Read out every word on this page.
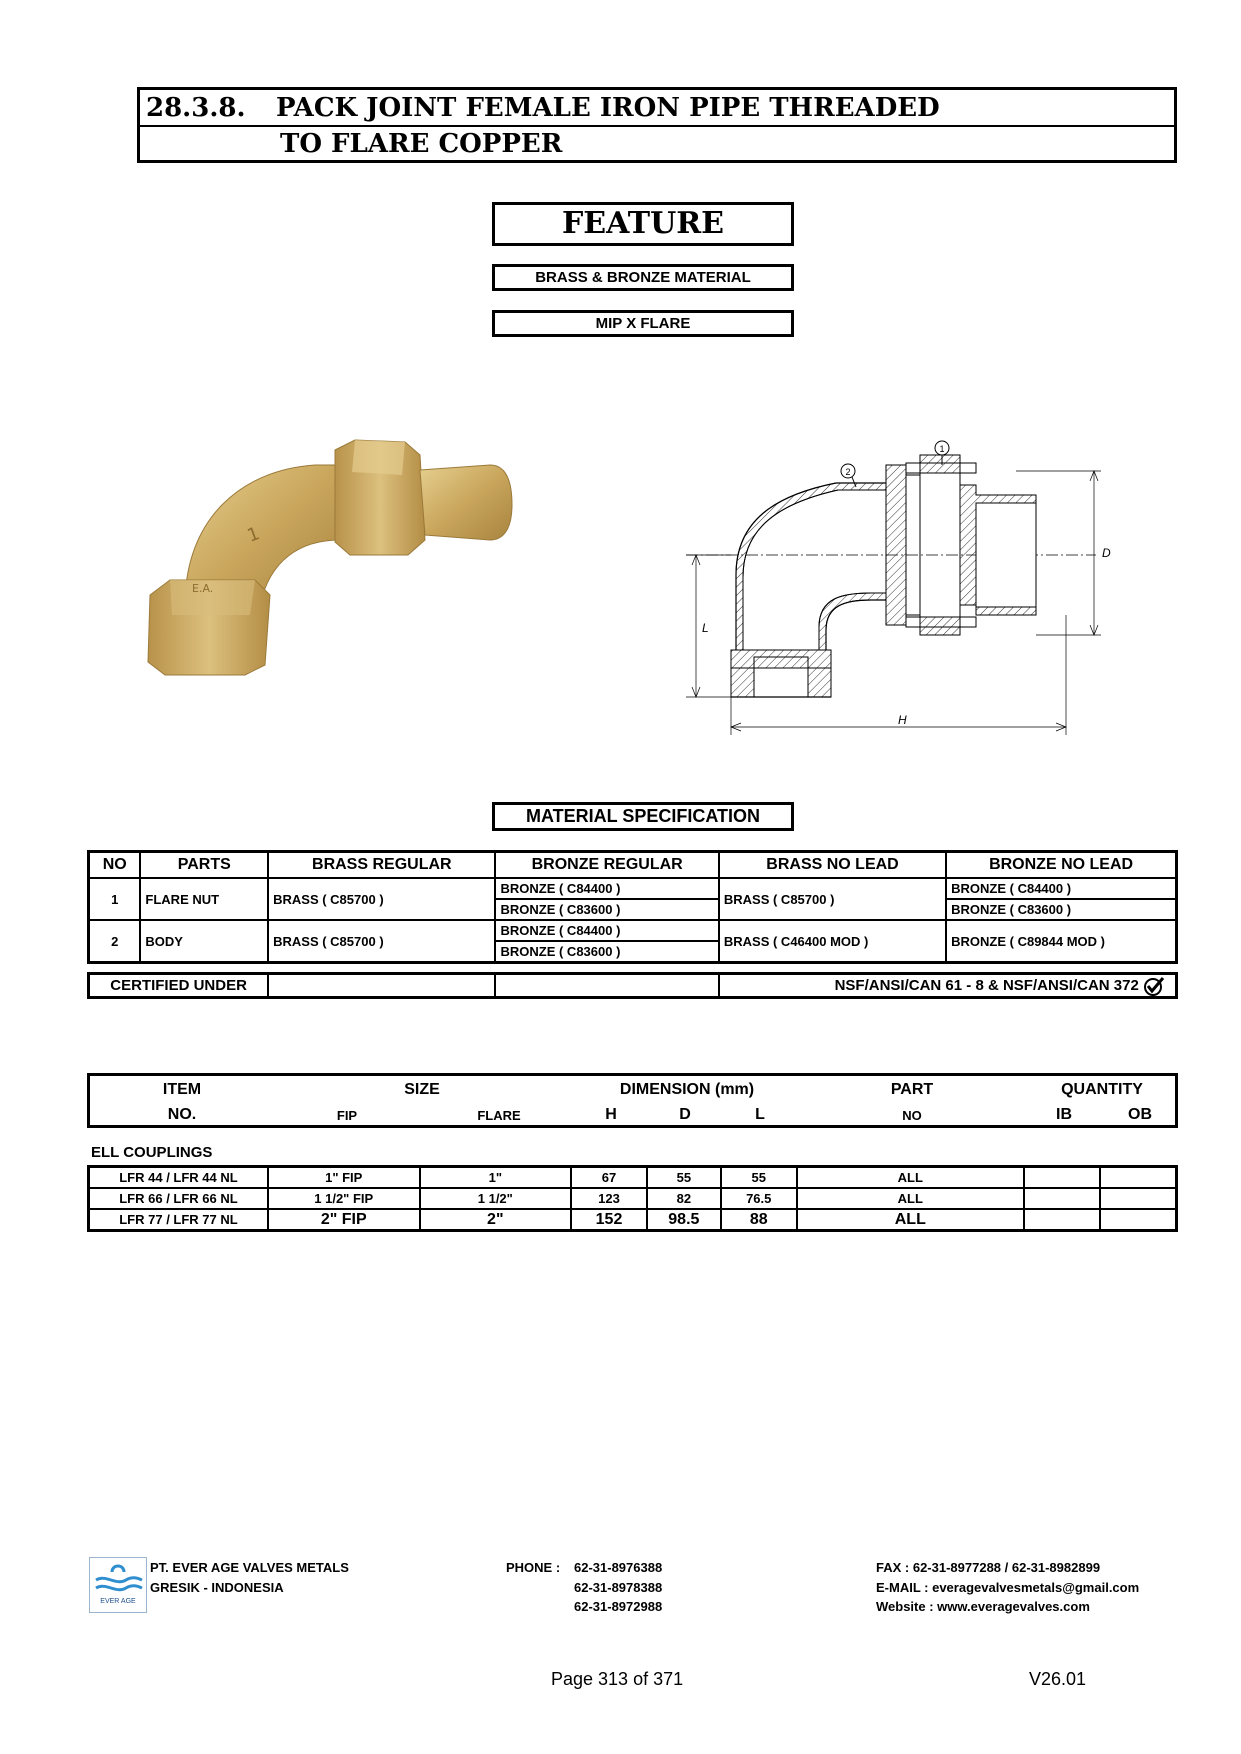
28.3.8. PACK JOINT FEMALE IRON PIPE THREADED
TO FLARE COPPER
FEATURE
BRASS & BRONZE MATERIAL
MIP X FLARE
1
E.A.
1
2
D
L
H
MATERIAL SPECIFICATION
NO	PARTS	BRASS REGULAR	BRONZE REGULAR	BRASS NO LEAD	BRONZE NO LEAD
1	FLARE NUT	BRASS ( C85700 )	BRONZE ( C84400 )	BRASS ( C85700 )	BRONZE ( C84400 )
			BRONZE ( C83600 )		BRONZE ( C83600 )
2	BODY	BRASS ( C85700 )	BRONZE ( C84400 )	BRASS ( C46400 MOD )	BRONZE ( C89844 MOD )
			BRONZE ( C83600 )		
CERTIFIED UNDER			NSF/ANSI/CAN 61 - 8 & NSF/ANSI/CAN 372
ITEM
NO.
SIZE
FIP	FLARE
DIMENSION (mm)
H	D	L
PART
NO
QUANTITY
IB	OB
ELL COUPLINGS
LFR 44 / LFR 44 NL	1" FIP	1"	67	55	55	ALL		
LFR 66 / LFR 66 NL	1 1/2" FIP	1 1/2"	123	82	76.5	ALL		
LFR 77 / LFR 77 NL	2" FIP	2"	152	98.5	88	ALL		
EVER AGE
PT. EVER AGE VALVES METALS
GRESIK - INDONESIA
PHONE : 62-31-8976388
62-31-8978388
62-31-8972988
FAX : 62-31-8977288 / 62-31-8982899
E-MAIL : everagevalvesmetals@gmail.com
Website : www.everagevalves.com
Page 313 of 371	V26.01
